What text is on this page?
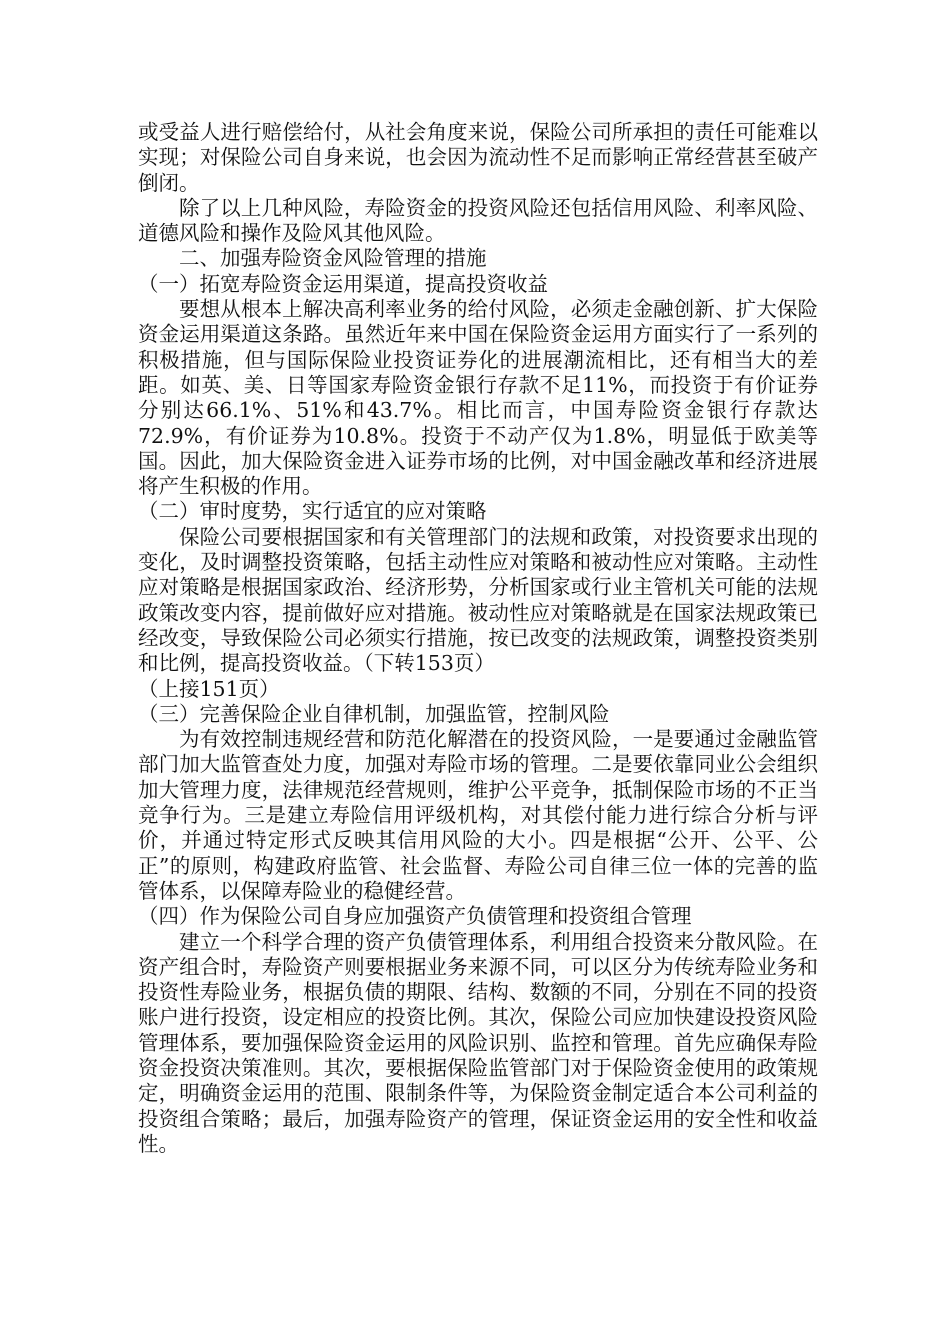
或受益人进行赔偿给付，从社会角度来说，保险公司所承担的责任可能难以实现；对保险公司自身来说，也会因为流动性不足而影响正常经营甚至破产倒闭。

除了以上几种风险，寿险资金的投资风险还包括信用风险、利率风险、道德风险和操作及险风其他风险。

二、加强寿险资金风险管理的措施

（一）拓宽寿险资金运用渠道，提高投资收益

要想从根本上解决高利率业务的给付风险，必须走金融创新、扩大保险资金运用渠道这条路。虽然近年来中国在保险资金运用方面实行了一系列的积极措施，但与国际保险业投资证券化的进展潮流相比，还有相当大的差距。如英、美、日等国家寿险资金银行存款不足11%，而投资于有价证券分别达66.1%、51%和43.7%。相比而言，中国寿险资金银行存款达72.9%，有价证券为10.8%。投资于不动产仅为1.8%，明显低于欧美等国。因此，加大保险资金进入证券市场的比例，对中国金融改革和经济进展将产生积极的作用。

（二）审时度势，实行适宜的应对策略

保险公司要根据国家和有关管理部门的法规和政策，对投资要求出现的变化，及时调整投资策略，包括主动性应对策略和被动性应对策略。主动性应对策略是根据国家政治、经济形势，分析国家或行业主管机关可能的法规政策改变内容，提前做好应对措施。被动性应对策略就是在国家法规政策已经改变，导致保险公司必须实行措施，按已改变的法规政策，调整投资类别和比例，提高投资收益。（下转153页）

（上接151页）

（三）完善保险企业自律机制，加强监管，控制风险

为有效控制违规经营和防范化解潜在的投资风险，一是要通过金融监管部门加大监管查处力度，加强对寿险市场的管理。二是要依靠同业公会组织加大管理力度，法律规范经营规则，维护公平竞争，抵制保险市场的不正当竞争行为。三是建立寿险信用评级机构，对其偿付能力进行综合分析与评价，并通过特定形式反映其信用风险的大小。四是根据“公开、公平、公正”的原则，构建政府监管、社会监督、寿险公司自律三位一体的完善的监管体系，以保障寿险业的稳健经营。

（四）作为保险公司自身应加强资产负债管理和投资组合管理

建立一个科学合理的资产负债管理体系，利用组合投资来分散风险。在资产组合时，寿险资产则要根据业务来源不同，可以区分为传统寿险业务和投资性寿险业务，根据负债的期限、结构、数额的不同，分别在不同的投资账户进行投资，设定相应的投资比例。其次，保险公司应加快建设投资风险管理体系，要加强保险资金运用的风险识别、监控和管理。首先应确保寿险资金投资决策准则。其次，要根据保险监管部门对于保险资金使用的政策规定，明确资金运用的范围、限制条件等，为保险资金制定适合本公司利益的投资组合策略；最后，加强寿险资产的管理，保证资金运用的安全性和收益性。
